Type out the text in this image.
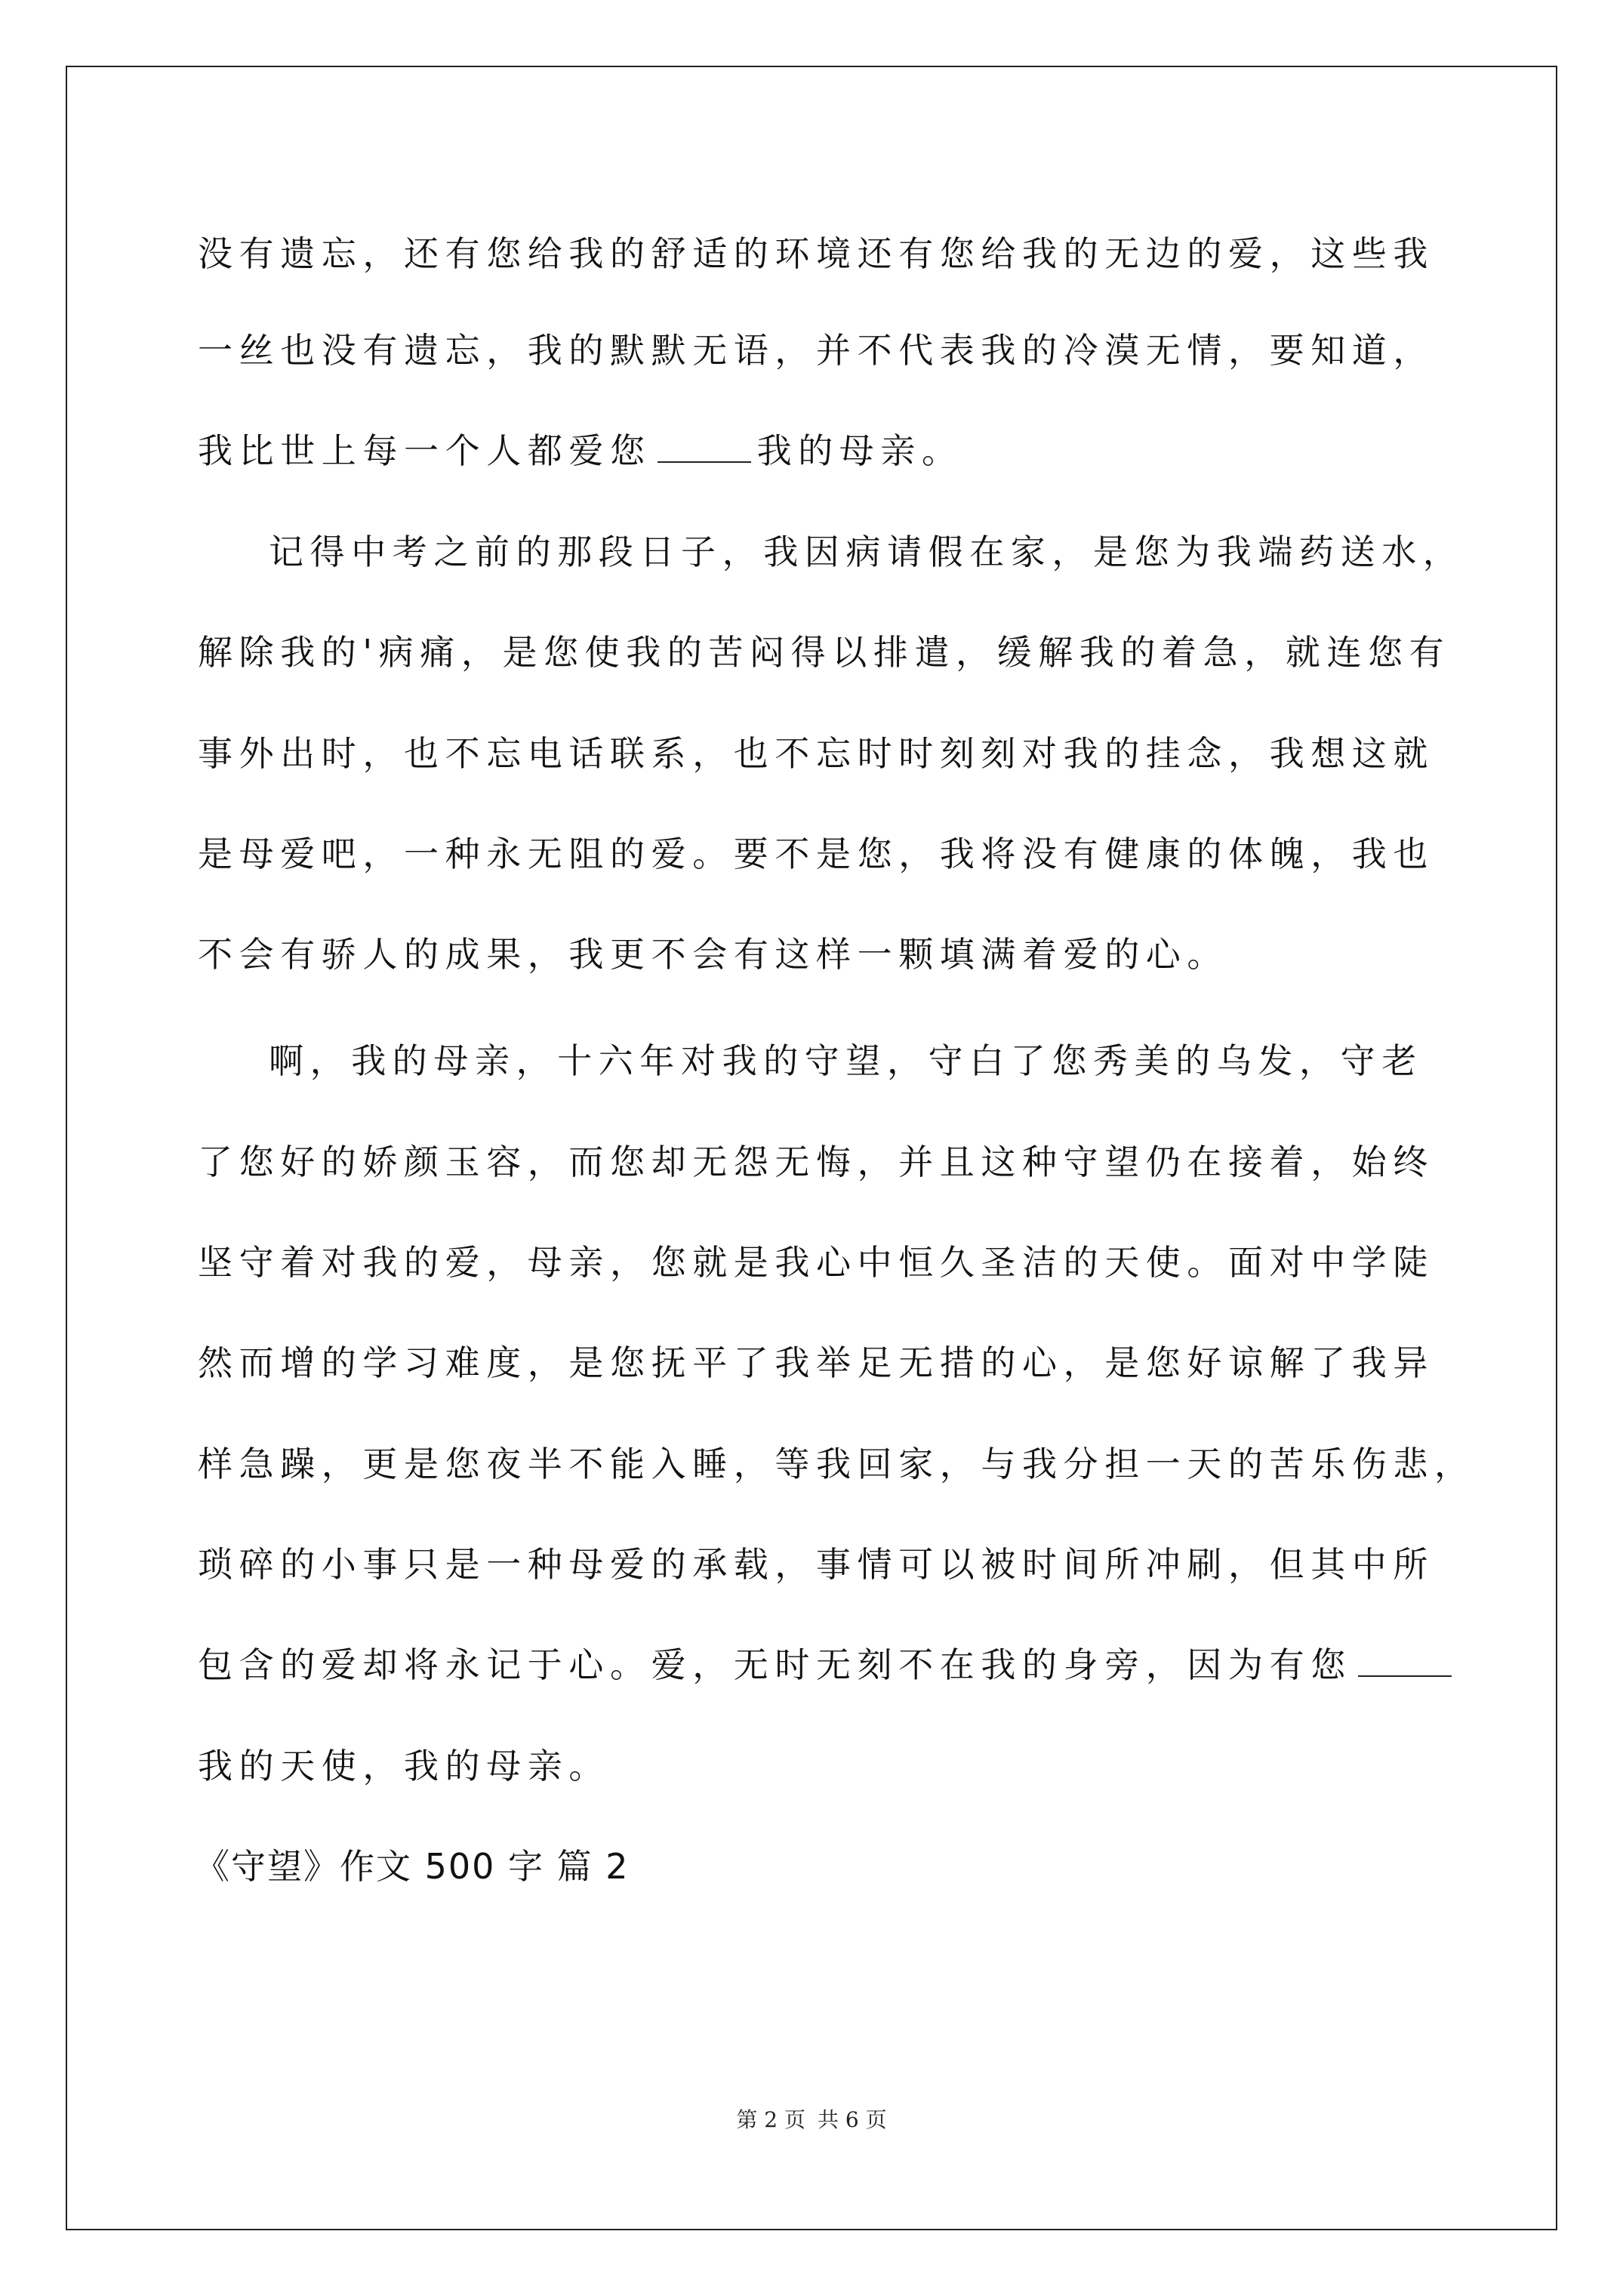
没有遗忘，还有您给我的舒适的环境还有您给我的无边的爱，这些我
一丝也没有遗忘，我的默默无语，并不代表我的冷漠无情，要知道，
我比世上每一个人都爱您	我的母亲。
记得中考之前的那段日子，我因病请假在家，是您为我端药送水，
解除我的'病痛，是您使我的苦闷得以排遣，缓解我的着急，就连您有
事外出时，也不忘电话联系，也不忘时时刻刻对我的挂念，我想这就
是母爱吧，一种永无阻的爱。要不是您，我将没有健康的体魄，我也
不会有骄人的成果，我更不会有这样一颗填满着爱的心。
啊，我的母亲，十六年对我的守望，守白了您秀美的乌发，守老
了您好的娇颜玉容，而您却无怨无悔，并且这种守望仍在接着，始终
坚守着对我的爱，母亲，您就是我心中恒久圣洁的天使。面对中学陡
然而增的学习难度，是您抚平了我举足无措的心，是您好谅解了我异
样急躁，更是您夜半不能入睡，等我回家，与我分担一天的苦乐伤悲，
琐碎的小事只是一种母爱的承载，事情可以被时间所冲刷，但其中所
包含的爱却将永记于心。爱，无时无刻不在我的身旁，因为有您
我的天使，我的母亲。
《守望》作文 500 字 篇 2
第 2 页 共 6 页
